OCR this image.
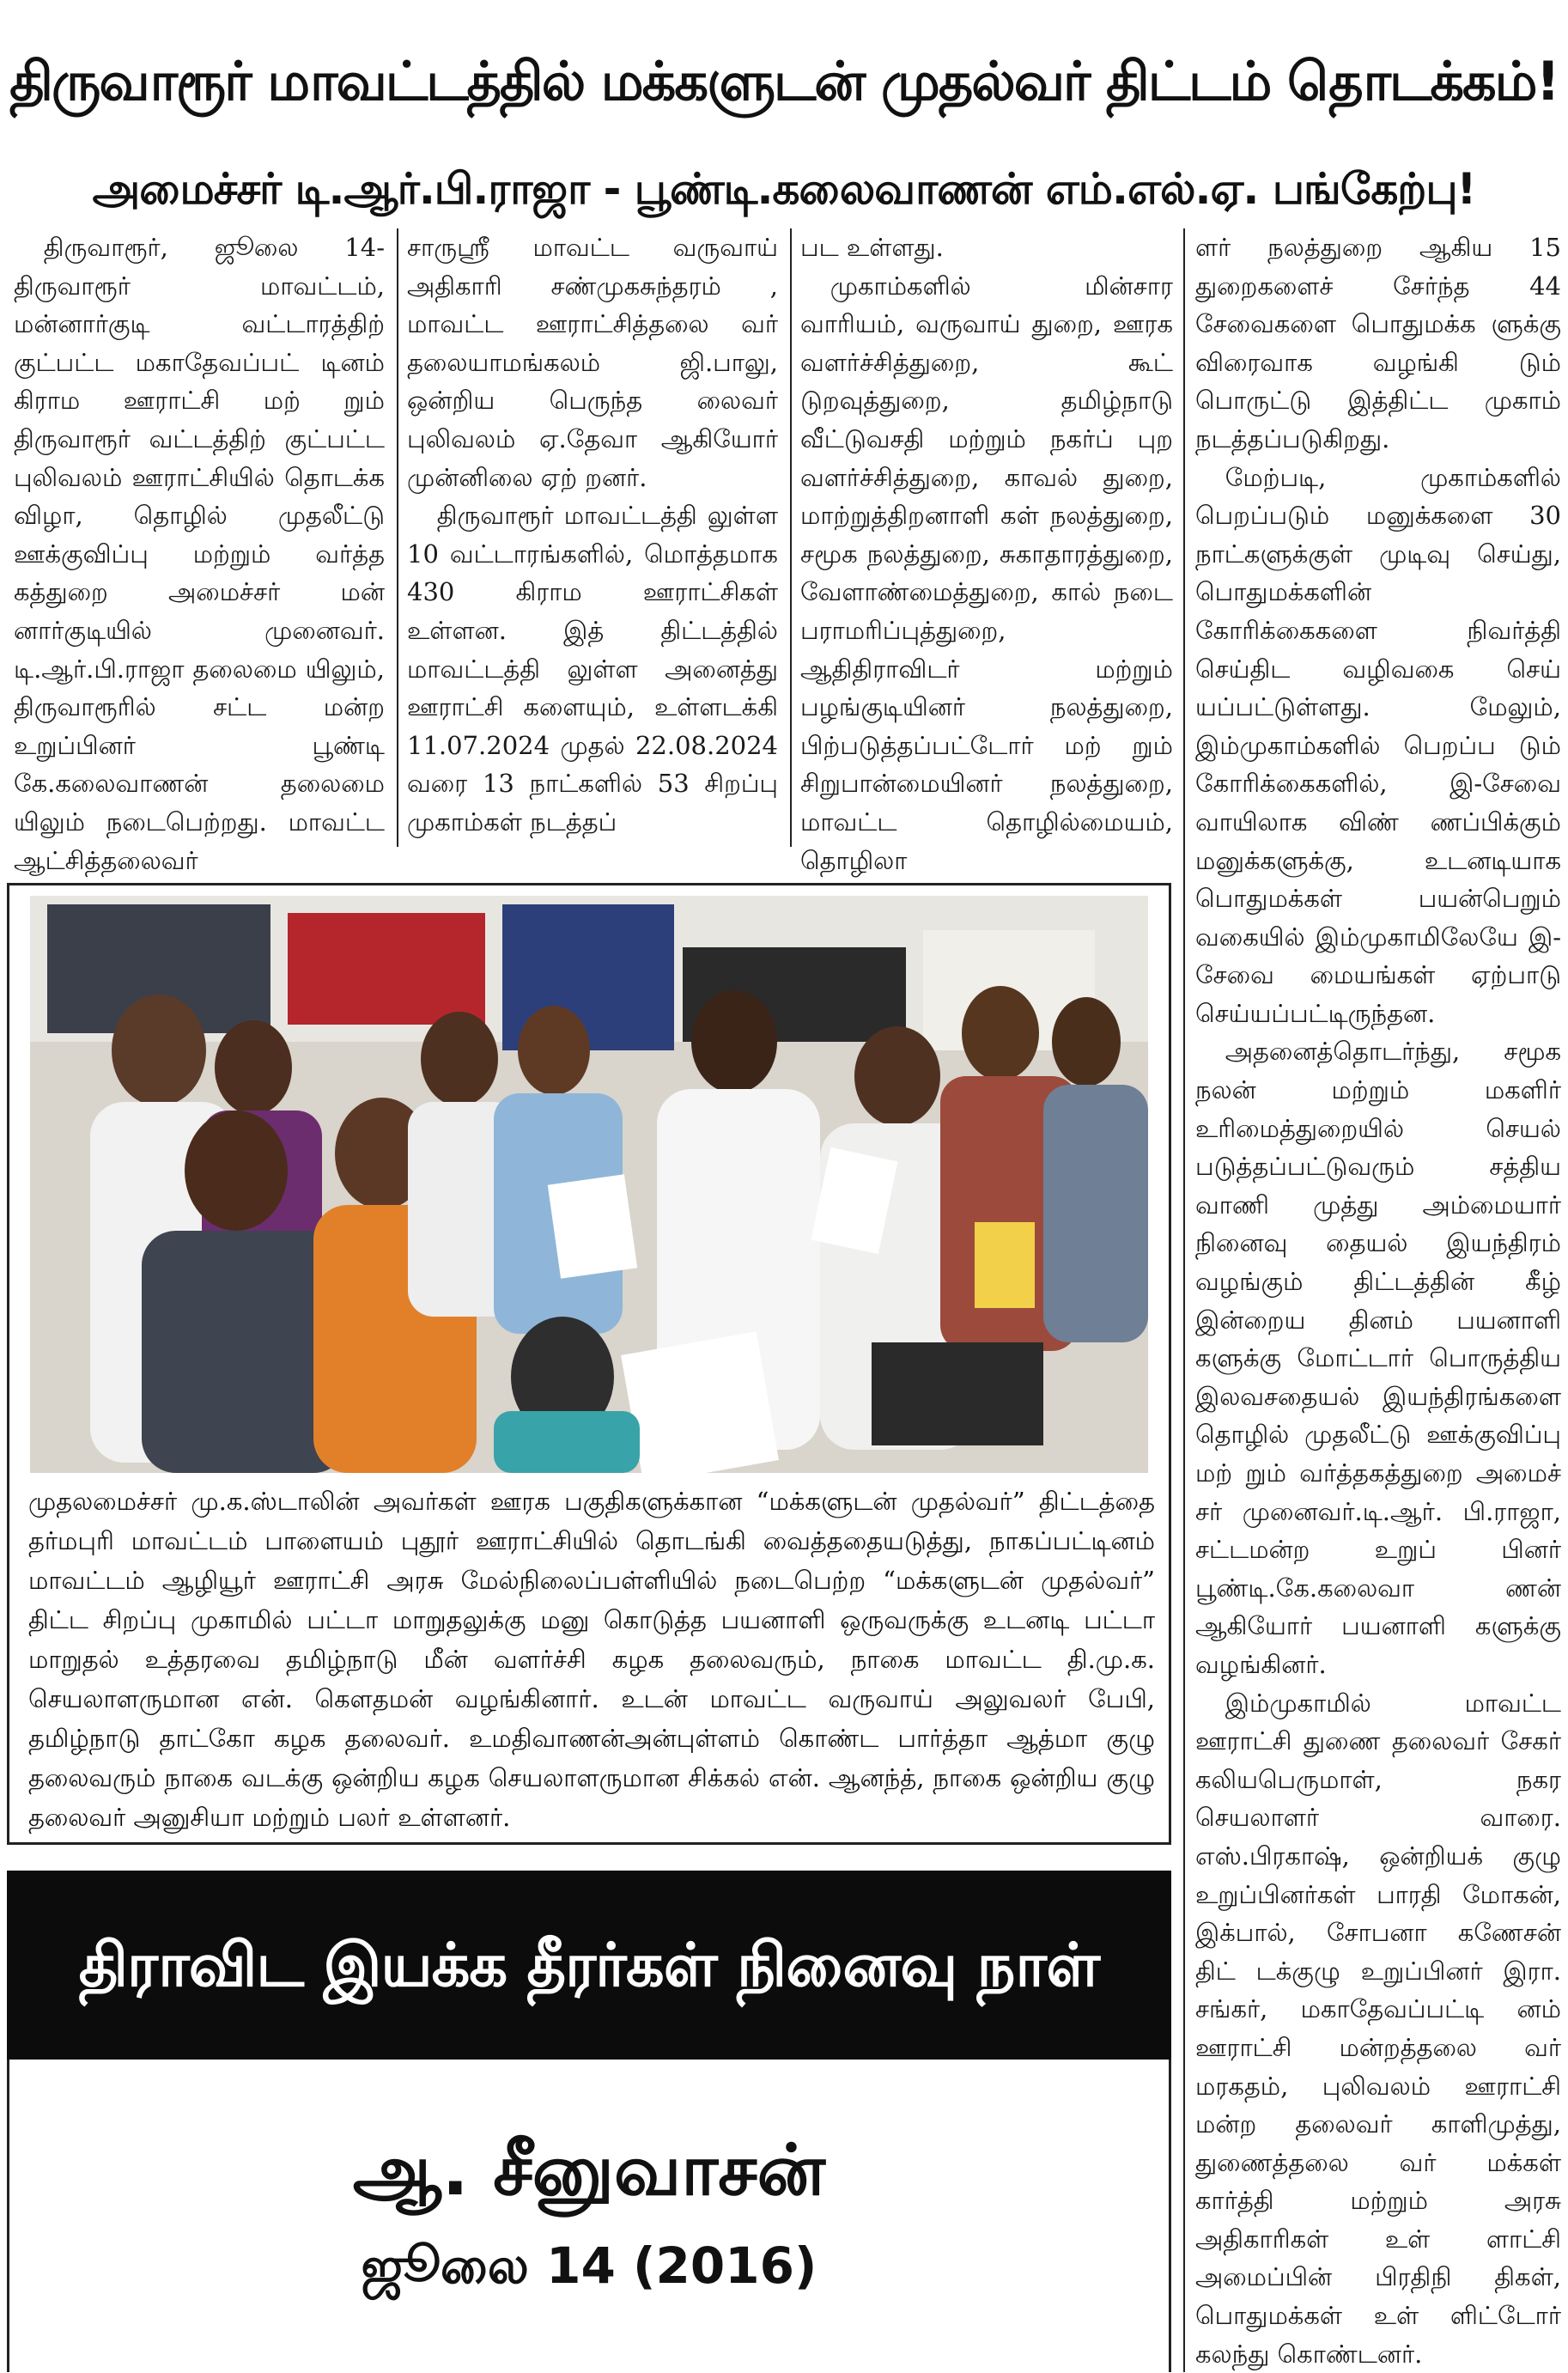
திருவாரூர் மாவட்டத்தில் மக்களுடன் முதல்வர் திட்டம் தொடக்கம்!
அமைச்சர் டி.ஆர்.பி.ராஜா - பூண்டி.கலைவாணன் எம்.எல்.ஏ. பங்கேற்பு!

திருவாரூர், ஜூலை 14- திருவாரூர் மாவட்டம், மன்னார்குடி வட்டாரத்திற் குட்பட்ட மகாதேவப்பட் டினம் கிராம ஊராட்சி மற் றும் திருவாரூர் வட்டத்திற் குட்பட்ட புலிவலம் ஊராட்சியில் தொடக்க விழா, தொழில் முதலீட்டு ஊக்குவிப்பு மற்றும் வர்த்த கத்துறை அமைச்சர் மன் னார்குடியில் முனைவர். டி.ஆர்.பி.ராஜா தலைமை யிலும், திருவாரூரில் சட்ட மன்ற உறுப்பினர் பூண்டி கே.கலைவாணன் தலைமை யிலும் நடைபெற்றது. மாவட்ட ஆட்சித்தலைவர்

சாருஸ்ரீ மாவட்ட வருவாய் அதிகாரி சண்முகசுந்தரம் , மாவட்ட ஊராட்சித்தலை வர் தலையாமங்கலம் ஜி.பாலு, ஒன்றிய பெருந்த லைவர் புலிவலம் ஏ.தேவா ஆகியோர் முன்னிலை ஏற் றனர்.

திருவாரூர் மாவட்டத்தி லுள்ள 10 வட்டாரங்களில், மொத்தமாக 430 கிராம ஊராட்சிகள் உள்ளன. இத் திட்டத்தில் மாவட்டத்தி லுள்ள அனைத்து ஊராட்சி களையும், உள்ளடக்கி 11.07.2024 முதல் 22.08.2024 வரை 13 நாட்களில் 53 சிறப்பு முகாம்கள் நடத்தப்

பட உள்ளது.

முகாம்களில் மின்சார வாரியம், வருவாய் துறை, ஊரக வளர்ச்சித்துறை, கூட் டுறவுத்துறை, தமிழ்நாடு வீட்டுவசதி மற்றும் நகர்ப் புற வளர்ச்சித்துறை, காவல் துறை, மாற்றுத்திறனாளி கள் நலத்துறை, சமூக நலத்துறை, சுகாதாரத்துறை, வேளாண்மைத்துறை, கால் நடை பராமரிப்புத்துறை, ஆதிதிராவிடர் மற்றும் பழங்குடியினர் நலத்துறை, பிற்படுத்தப்பட்டோர் மற் றும் சிறுபான்மையினர் நலத்துறை, மாவட்ட தொழில்மையம், தொழிலா

ளர் நலத்துறை ஆகிய 15 துறைகளைச் சேர்ந்த 44 சேவைகளை பொதுமக்க ளுக்கு விரைவாக வழங்கி டும் பொருட்டு இத்திட்ட முகாம் நடத்தப்படுகிறது.

மேற்படி, முகாம்களில் பெறப்படும் மனுக்களை 30 நாட்களுக்குள் முடிவு செய்து, பொதுமக்களின் கோரிக்கைகளை நிவர்த்தி செய்திட வழிவகை செய் யப்பட்டுள்ளது. மேலும், இம்முகாம்களில் பெறப்ப டும் கோரிக்கைகளில், இ-சேவை வாயிலாக விண் ணப்பிக்கும் மனுக்களுக்கு, உடனடியாக பொதுமக்கள் பயன்பெறும் வகையில் இம்முகாமிலேயே இ-சேவை மையங்கள் ஏற்பாடு செய்யப்பட்டிருந்தன.

அதனைத்தொடர்ந்து, சமூக நலன் மற்றும் மகளிர் உரிமைத்துறையில் செயல் படுத்தப்பட்டுவரும் சத்திய வாணி முத்து அம்மையார் நினைவு தையல் இயந்திரம் வழங்கும் திட்டத்தின் கீழ் இன்றைய தினம் பயனாளி களுக்கு மோட்டார் பொருத்திய இலவசதையல் இயந்திரங்களை தொழில் முதலீட்டு ஊக்குவிப்பு மற் றும் வர்த்தகத்துறை அமைச் சர் முனைவர்.டி.ஆர். பி.ராஜா, சட்டமன்ற உறுப் பினர் பூண்டி.கே.கலைவா ணன் ஆகியோர் பயனாளி களுக்கு வழங்கினர்.

இம்முகாமில் மாவட்ட ஊராட்சி துணை தலைவர் சேகர் கலியபெருமாள், நகர செயலாளர் வாரை. எஸ்.பிரகாஷ், ஒன்றியக் குழு உறுப்பினர்கள் பாரதி மோகன், இக்பால், சோபனா கணேசன் திட் டக்குழு உறுப்பினர் இரா. சங்கர், மகாதேவப்பட்டி னம் ஊராட்சி மன்றத்தலை வர் மரகதம், புலிவலம் ஊராட்சி மன்ற தலைவர் காளிமுத்து, துணைத்தலை வர் மக்கள் கார்த்தி மற்றும் அரசு அதிகாரிகள் உள் ளாட்சி அமைப்பின் பிரதிநி திகள், பொதுமக்கள் உள் ளிட்டோர் கலந்து கொண்டனர்.

முதலமைச்சர் மு.க.ஸ்டாலின் அவர்கள் ஊரக பகுதிகளுக்கான “மக்களுடன் முதல்வர்” திட்டத்தை தர்மபுரி மாவட்டம் பாளையம் புதூர் ஊராட்சியில் தொடங்கி வைத்ததையடுத்து, நாகப்பட்டினம் மாவட்டம் ஆழியூர் ஊராட்சி அரசு மேல்நிலைப்பள்ளியில் நடைபெற்ற “மக்களுடன் முதல்வர்” திட்ட சிறப்பு முகாமில் பட்டா மாறுதலுக்கு மனு கொடுத்த பயனாளி ஒருவருக்கு உடனடி பட்டா மாறுதல் உத்தரவை தமிழ்நாடு மீன் வளர்ச்சி கழக தலைவரும், நாகை மாவட்ட தி.மு.க. செயலாளருமான என். கௌதமன் வழங்கினார். உடன் மாவட்ட வருவாய் அலுவலர் பேபி, தமிழ்நாடு தாட்கோ கழக தலைவர். உமதிவாணன்அன்புள்ளம் கொண்ட பார்த்தா ஆத்மா குழு தலைவரும் நாகை வடக்கு ஒன்றிய கழக செயலாளருமான சிக்கல் என். ஆனந்த், நாகை ஒன்றிய குழு தலைவர் அனுசியா மற்றும் பலர் உள்ளனர்.
திராவிட இயக்க தீரர்கள் நினைவு நாள்
ஆ. சீனுவாசன்
ஜூலை 14 (2016)
